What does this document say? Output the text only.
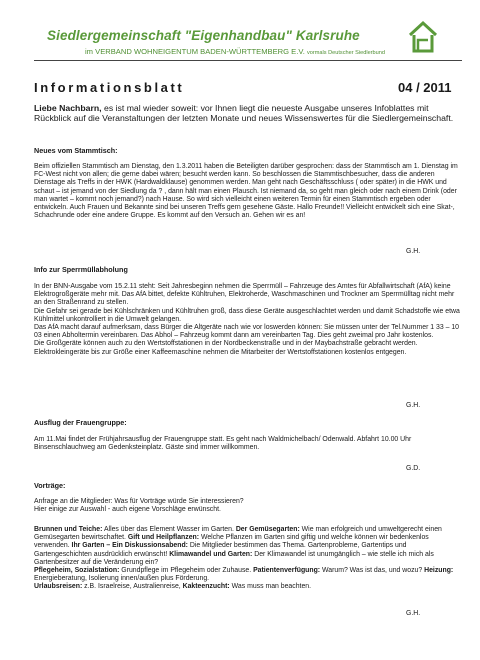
Siedlergemeinschaft "Eigenhandbau" Karlsruhe
im VERBAND WOHNEIGENTUM BADEN-WÜRTTEMBERG E.V. vormals Deutscher Siedlerbund
Informationsblatt	04 / 2011

Liebe Nachbarn, es ist mal wieder soweit: vor Ihnen liegt die neueste Ausgabe unseres Infoblattes mit Rückblick auf die Veranstaltungen der letzten Monate und neues Wissenswertes für die Siedlergemeinschaft.

Neues vom Stammtisch:

Beim offiziellen Stammtisch am Dienstag, den 1.3.2011 haben die Beteiligten darüber gesprochen: dass der Stammtisch am 1. Dienstag im FC-West nicht von allen; die gerne dabei wären; besucht werden kann. So beschlossen die Stammtischbesucher, dass die anderen Dienstage als Treffs in der HWK (Hardwaldklause) genommen werden. Man geht nach Geschäftsschluss ( oder später) in die HWK und schaut – ist jemand von der Siedlung da ? , dann hält man einen Plausch. Ist niemand da, so geht man gleich oder nach einem Drink (oder man wartet – kommt noch jemand?) nach Hause. So wird sich vielleicht einen weiteren Termin für einen Stammtisch ergeben oder entwickeln. Auch Frauen und Bekannte sind bei unseren Treffs gern gesehene Gäste. Hallo Freunde!! Vielleicht entwickelt sich eine Skat-, Schachrunde oder eine andere Gruppe. Es kommt auf den Versuch an. Gehen wir es an!

G.H.
Info zur Sperrmüllabholung

In der BNN-Ausgabe vom 15.2.11 steht: Seit Jahresbeginn nehmen die Sperrmüll – Fahrzeuge des Amtes für Abfallwirtschaft (AfA) keine Elektrogroßgeräte mehr mit. Das AfA bittet, defekte Kühltruhen, Elektroherde, Waschmaschinen und Trockner am Sperrmülltag nicht mehr an den Straßenrand zu stellen.

Die Gefahr sei gerade bei Kühlschränken und Kühltruhen groß, dass diese Geräte ausgeschlachtet werden und damit Schadstoffe wie etwa Kühlmittel unkontrolliert in die Umwelt gelangen.

Das AfA macht darauf aufmerksam, dass Bürger die Altgeräte nach wie vor loswerden können: Sie müssen unter der Tel.Nummer 1 33 – 10 03 einen Abholtermin vereinbaren. Das Abhol – Fahrzeug kommt dann am vereinbarten Tag. Dies geht zweimal pro Jahr kostenlos.

Die Großgeräte können auch zu den Wertstoffstationen in der Nordbeckenstraße und in der Maybachstraße gebracht werden.

Elektrokleingeräte bis zur Größe einer Kaffeemaschine nehmen die Mitarbeiter der Wertstoffstationen kostenlos entgegen.

G.H.
Ausflug der Frauengruppe:

Am 11.Mai findet der Frühjahrsausflug der Frauengruppe statt. Es geht nach Waldmichelbach/ Odenwald. Abfahrt 10.00 Uhr Binsenschlauchweg am Gedenksteinplatz. Gäste sind immer willkommen.

G.D.
Vorträge:

Anfrage an die Mitglieder: Was für Vorträge würde Sie interessieren?

Hier einige zur Auswahl - auch eigene Vorschläge erwünscht.

Brunnen und Teiche: Alles über das Element Wasser im Garten. Der Gemüsegarten: Wie man erfolgreich und umweltgerecht einen Gemüsegarten bewirtschaftet. Gift und Heilpflanzen: Welche Pflanzen im Garten sind giftig und welche können wir bedenkenlos verwenden. Ihr Garten – Ein Diskussionsabend: Die Mitglieder bestimmen das Thema. Gartenprobleme, Gartentips und Gartengeschichten ausdrücklich erwünscht! Klimawandel und Garten: Der Klimawandel ist unumgänglich – wie stelle ich mich als Gartenbesitzer auf die Veränderung ein?

Pflegeheim, Sozialstation: Grundpflege im Pflegeheim oder Zuhause. Patientenverfügung: Warum? Was ist das, und wozu? Heizung: Energieberatung, Isolierung innen/außen plus Förderung.

Urlaubsreisen: z.B. Israelreise, Australienreise, Kakteenzucht: Was muss man beachten.

G.H.
